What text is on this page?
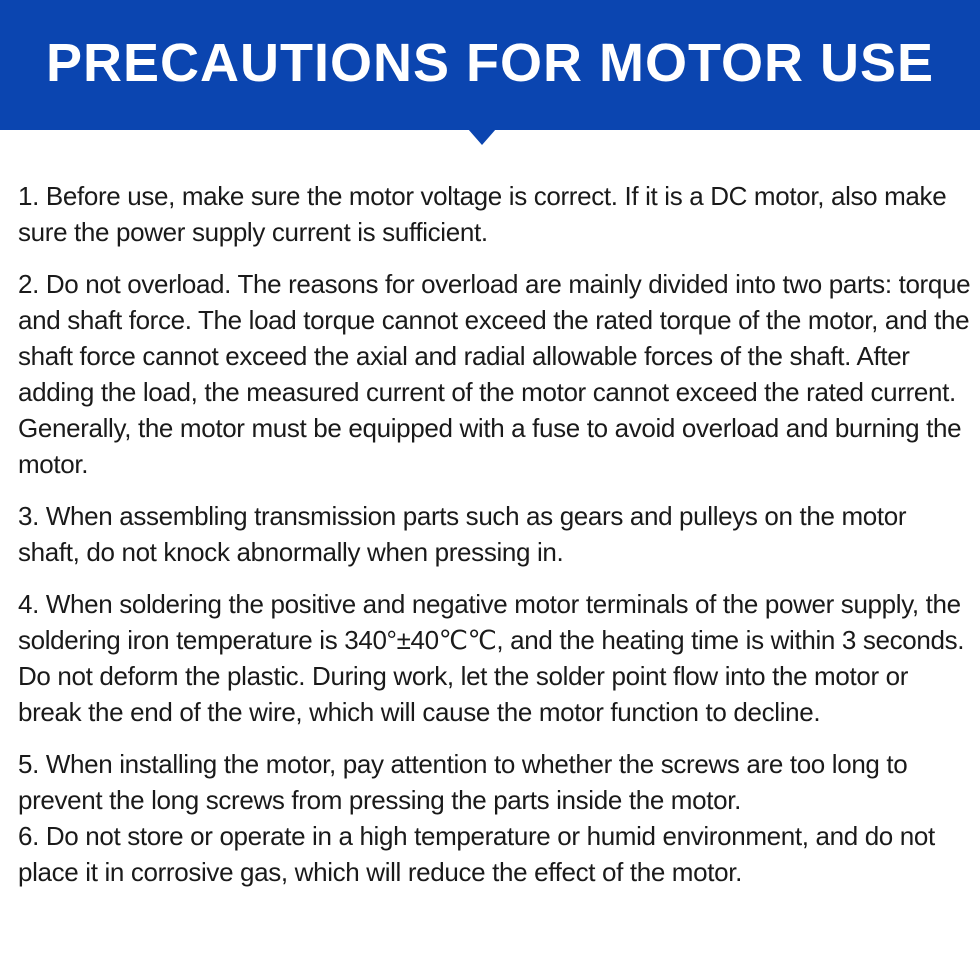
PRECAUTIONS FOR MOTOR USE

1. Before use, make sure the motor voltage is correct. If it is a DC motor, also make sure the power supply current is sufficient.

2. Do not overload. The reasons for overload are mainly divided into two parts: torque and shaft force. The load torque cannot exceed the rated torque of the motor, and the shaft force cannot exceed the axial and radial allowable forces of the shaft. After adding the load, the measured current of the motor cannot exceed the rated current. Generally, the motor must be equipped with a fuse to avoid overload and burning the motor.

3. When assembling transmission parts such as gears and pulleys on the motor shaft, do not knock abnormally when pressing in.

4. When soldering the positive and negative motor terminals of the power supply, the soldering iron temperature is 340°±40℃℃, and the heating time is within 3 seconds. Do not deform the plastic. During work, let the solder point flow into the motor or break the end of the wire, which will cause the motor function to decline.

5. When installing the motor, pay attention to whether the screws are too long to prevent the long screws from pressing the parts inside the motor.

6. Do not store or operate in a high temperature or humid environment, and do not place it in corrosive gas, which will reduce the effect of the motor.
